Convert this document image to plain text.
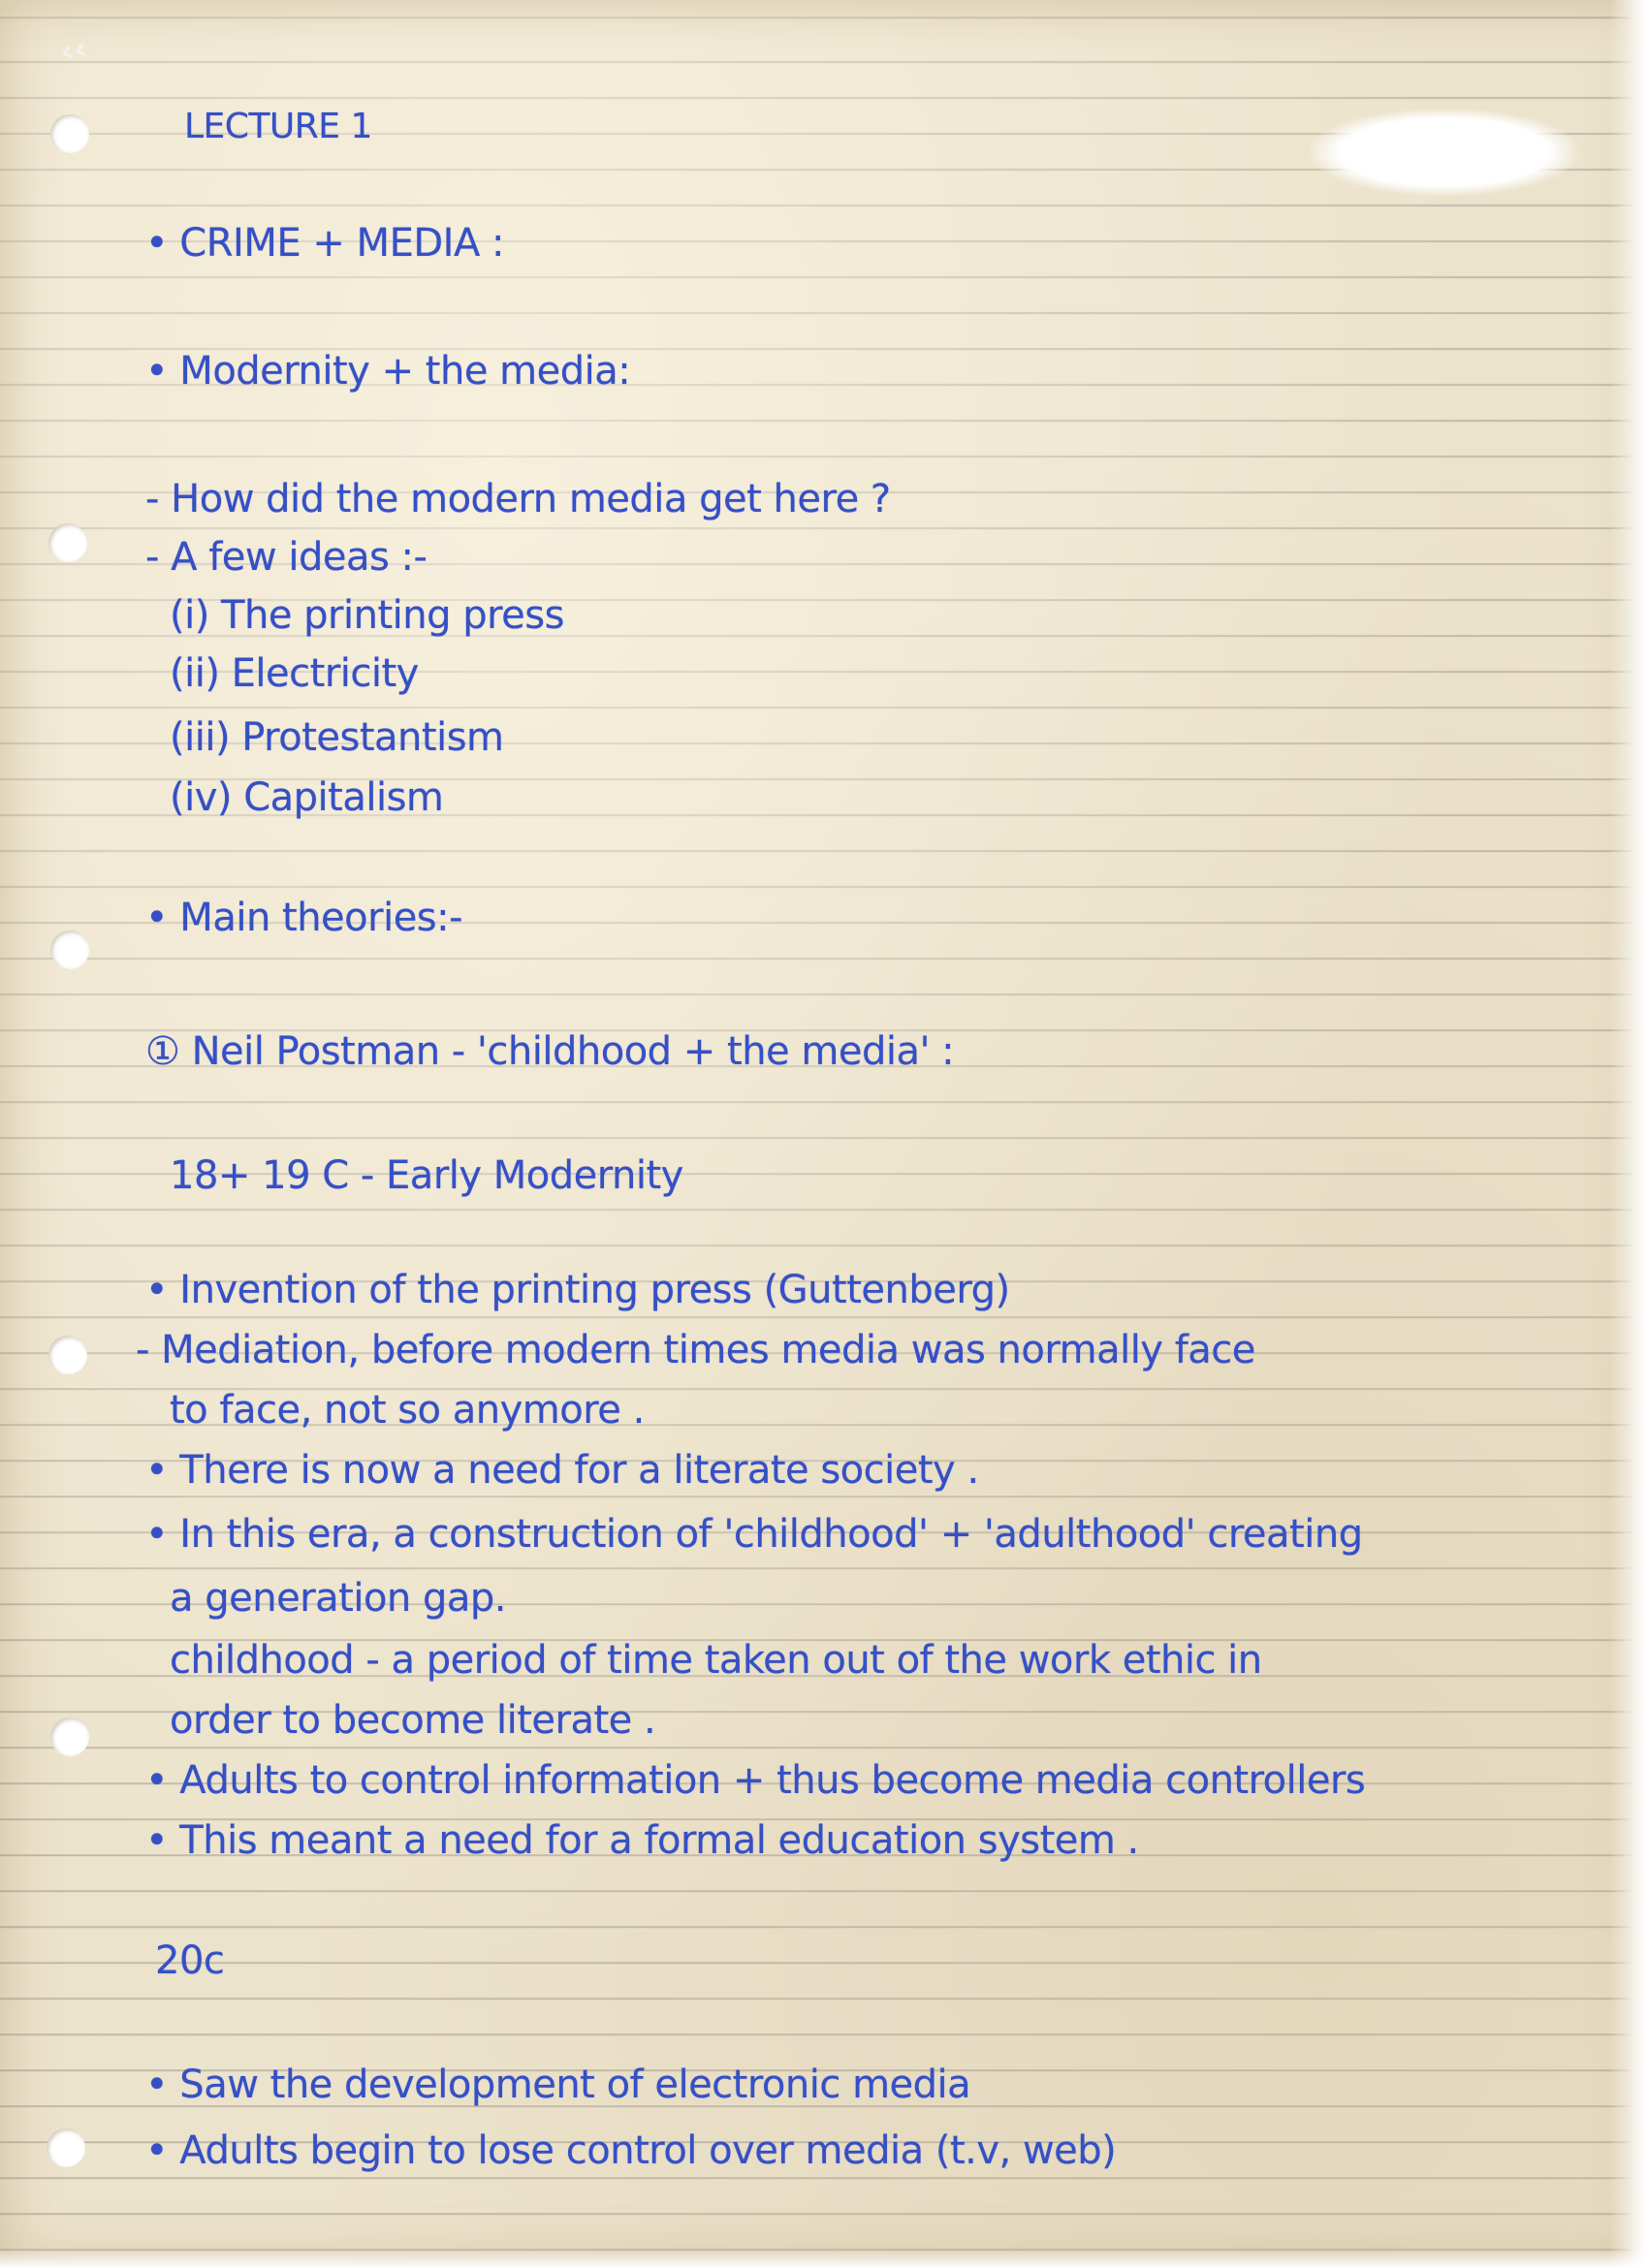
‹‹
LECTURE 1
• CRIME + MEDIA :
• Modernity + the media:
- How did the modern media get here ?
- A few ideas :-
(i) The printing press
(ii) Electricity
(iii) Protestantism
(iv) Capitalism
• Main theories:-
① Neil Postman - 'childhood + the media' :
18+ 19 C - Early Modernity
• Invention of the printing press (Guttenberg)
- Mediation, before modern times media was normally face
to face, not so anymore .
• There is now a need for a literate society .
• In this era, a construction of 'childhood' + 'adulthood' creating
a generation gap.
childhood - a period of time taken out of the work ethic in
order to become literate .
• Adults to control information + thus become media controllers
• This meant a need for a formal education system .
20c
• Saw the development of electronic media
• Adults begin to lose control over media (t.v, web)
